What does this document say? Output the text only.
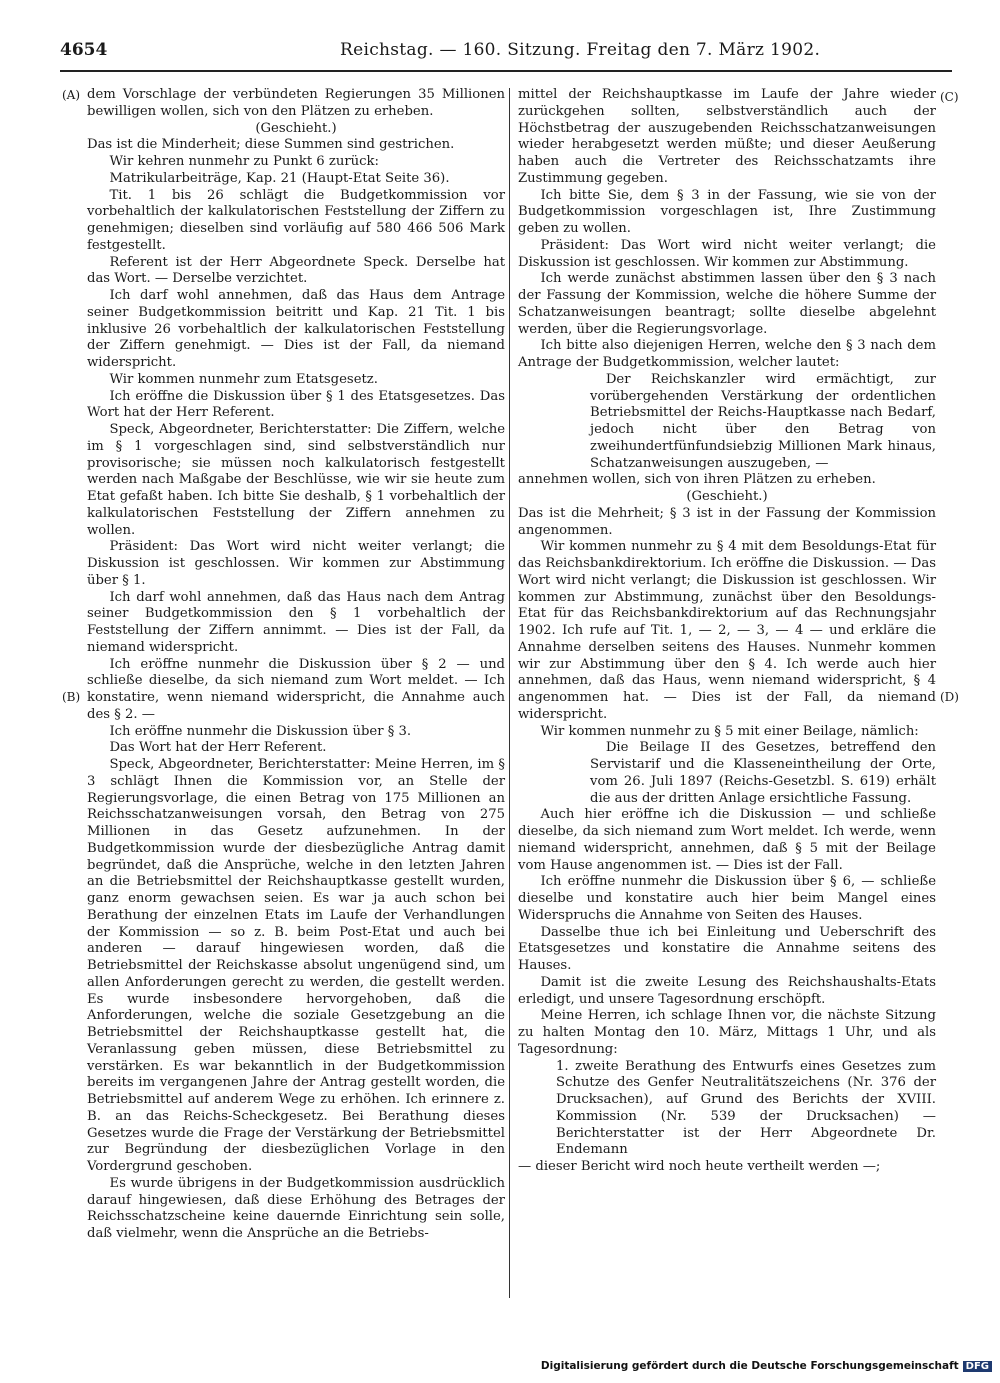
4654	Reichstag. — 160. Sitzung. Freitag den 7. März 1902.
(A)
(B)
(C)
(D)

dem Vorschlage der verbündeten Regierungen 35 Millionen bewilligen wollen, sich von den Plätzen zu erheben.

(Geschieht.)

Das ist die Minderheit; diese Summen sind gestrichen.

Wir kehren nunmehr zu Punkt 6 zurück:

Matrikularbeiträge, Kap. 21 (Haupt-Etat Seite 36).

Tit. 1 bis 26 schlägt die Budgetkommission vor vorbehaltlich der kalkulatorischen Feststellung der Ziffern zu genehmigen; dieselben sind vorläufig auf 580 466 506 Mark festgestellt.

Referent ist der Herr Abgeordnete Speck. Derselbe hat das Wort. — Derselbe verzichtet.

Ich darf wohl annehmen, daß das Haus dem Antrage seiner Budgetkommission beitritt und Kap. 21 Tit. 1 bis inklusive 26 vorbehaltlich der kalkulatorischen Feststellung der Ziffern genehmigt. — Dies ist der Fall, da niemand widerspricht.

Wir kommen nunmehr zum Etatsgesetz.

Ich eröffne die Diskussion über § 1 des Etatsgesetzes. Das Wort hat der Herr Referent.

Speck, Abgeordneter, Berichterstatter: Die Ziffern, welche im § 1 vorgeschlagen sind, sind selbstverständlich nur provisorische; sie müssen noch kalkulatorisch festgestellt werden nach Maßgabe der Beschlüsse, wie wir sie heute zum Etat gefaßt haben. Ich bitte Sie deshalb, § 1 vorbehaltlich der kalkulatorischen Feststellung der Ziffern annehmen zu wollen.

Präsident: Das Wort wird nicht weiter verlangt; die Diskussion ist geschlossen. Wir kommen zur Abstimmung über § 1.

Ich darf wohl annehmen, daß das Haus nach dem Antrag seiner Budgetkommission den § 1 vorbehaltlich der Feststellung der Ziffern annimmt. — Dies ist der Fall, da niemand widerspricht.

Ich eröffne nunmehr die Diskussion über § 2 — und schließe dieselbe, da sich niemand zum Wort meldet. — Ich konstatire, wenn niemand widerspricht, die Annahme auch des § 2. —

Ich eröffne nunmehr die Diskussion über § 3.

Das Wort hat der Herr Referent.

Speck, Abgeordneter, Berichterstatter: Meine Herren, im § 3 schlägt Ihnen die Kommission vor, an Stelle der Regierungsvorlage, die einen Betrag von 175 Millionen an Reichsschatzanweisungen vorsah, den Betrag von 275 Millionen in das Gesetz aufzunehmen. In der Budgetkommission wurde der diesbezügliche Antrag damit begründet, daß die Ansprüche, welche in den letzten Jahren an die Betriebsmittel der Reichshauptkasse gestellt wurden, ganz enorm gewachsen seien. Es war ja auch schon bei Berathung der einzelnen Etats im Laufe der Verhandlungen der Kommission — so z. B. beim Post-Etat und auch bei anderen — darauf hingewiesen worden, daß die Betriebsmittel der Reichskasse absolut ungenügend sind, um allen Anforderungen gerecht zu werden, die gestellt werden. Es wurde insbesondere hervorgehoben, daß die Anforderungen, welche die soziale Gesetzgebung an die Betriebsmittel der Reichshauptkasse gestellt hat, die Veranlassung geben müssen, diese Betriebsmittel zu verstärken. Es war bekanntlich in der Budgetkommission bereits im vergangenen Jahre der Antrag gestellt worden, die Betriebsmittel auf anderem Wege zu erhöhen. Ich erinnere z. B. an das Reichs-Scheckgesetz. Bei Berathung dieses Gesetzes wurde die Frage der Verstärkung der Betriebsmittel zur Begründung der diesbezüglichen Vorlage in den Vordergrund geschoben.

Es wurde übrigens in der Budgetkommission ausdrücklich darauf hingewiesen, daß diese Erhöhung des Betrages der Reichsschatzscheine keine dauernde Einrichtung sein solle, daß vielmehr, wenn die Ansprüche an die Betriebs-

mittel der Reichshauptkasse im Laufe der Jahre wieder zurückgehen sollten, selbstverständlich auch der Höchstbetrag der auszugebenden Reichsschatzanweisungen wieder herabgesetzt werden müßte; und dieser Aeußerung haben auch die Vertreter des Reichsschatzamts ihre Zustimmung gegeben.

Ich bitte Sie, dem § 3 in der Fassung, wie sie von der Budgetkommission vorgeschlagen ist, Ihre Zustimmung geben zu wollen.

Präsident: Das Wort wird nicht weiter verlangt; die Diskussion ist geschlossen. Wir kommen zur Abstimmung.

Ich werde zunächst abstimmen lassen über den § 3 nach der Fassung der Kommission, welche die höhere Summe der Schatzanweisungen beantragt; sollte dieselbe abgelehnt werden, über die Regierungsvorlage.

Ich bitte also diejenigen Herren, welche den § 3 nach dem Antrage der Budgetkommission, welcher lautet:

Der Reichskanzler wird ermächtigt, zur vorübergehenden Verstärkung der ordentlichen Betriebsmittel der Reichs-Hauptkasse nach Bedarf, jedoch nicht über den Betrag von zweihundertfünfundsiebzig Millionen Mark hinaus, Schatzanweisungen auszugeben, —

annehmen wollen, sich von ihren Plätzen zu erheben.

(Geschieht.)

Das ist die Mehrheit; § 3 ist in der Fassung der Kommission angenommen.

Wir kommen nunmehr zu § 4 mit dem Besoldungs-Etat für das Reichsbankdirektorium. Ich eröffne die Diskussion. — Das Wort wird nicht verlangt; die Diskussion ist geschlossen. Wir kommen zur Abstimmung, zunächst über den Besoldungs-Etat für das Reichsbankdirektorium auf das Rechnungsjahr 1902. Ich rufe auf Tit. 1, — 2, — 3, — 4 — und erkläre die Annahme derselben seitens des Hauses. Nunmehr kommen wir zur Abstimmung über den § 4. Ich werde auch hier annehmen, daß das Haus, wenn niemand widerspricht, § 4 angenommen hat. — Dies ist der Fall, da niemand widerspricht.

Wir kommen nunmehr zu § 5 mit einer Beilage, nämlich:

Die Beilage II des Gesetzes, betreffend den Servistarif und die Klasseneintheilung der Orte, vom 26. Juli 1897 (Reichs-Gesetzbl. S. 619) erhält die aus der dritten Anlage ersichtliche Fassung.

Auch hier eröffne ich die Diskussion — und schließe dieselbe, da sich niemand zum Wort meldet. Ich werde, wenn niemand widerspricht, annehmen, daß § 5 mit der Beilage vom Hause angenommen ist. — Dies ist der Fall.

Ich eröffne nunmehr die Diskussion über § 6, — schließe dieselbe und konstatire auch hier beim Mangel eines Widerspruchs die Annahme von Seiten des Hauses.

Dasselbe thue ich bei Einleitung und Ueberschrift des Etatsgesetzes und konstatire die Annahme seitens des Hauses.

Damit ist die zweite Lesung des Reichshaushalts-Etats erledigt, und unsere Tagesordnung erschöpft.

Meine Herren, ich schlage Ihnen vor, die nächste Sitzung zu halten Montag den 10. März, Mittags 1 Uhr, und als Tagesordnung:

1. zweite Berathung des Entwurfs eines Gesetzes zum Schutze des Genfer Neutralitätszeichens (Nr. 376 der Drucksachen), auf Grund des Berichts der XVIII. Kommission (Nr. 539 der Drucksachen) — Berichterstatter ist der Herr Abgeordnete Dr. Endemann

— dieser Bericht wird noch heute vertheilt werden —;

Digitalisierung gefördert durch die Deutsche Forschungsgemeinschaft DFG
